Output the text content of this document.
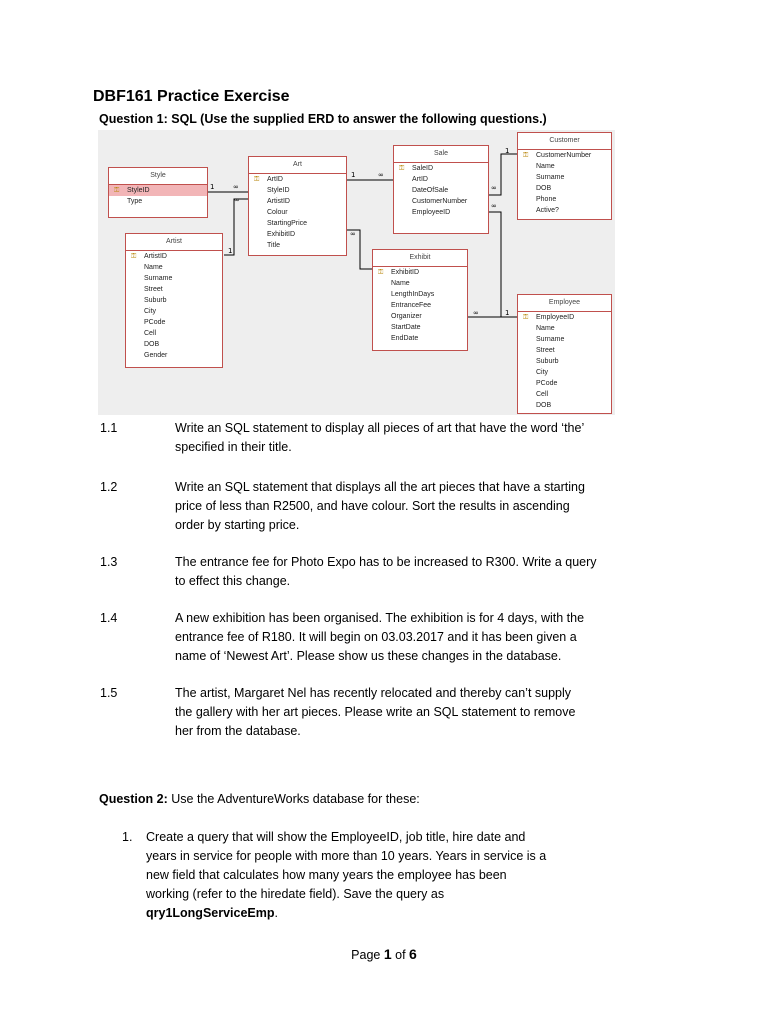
DBF161 Practice Exercise
Question 1: SQL (Use the supplied ERD to answer the following questions.)
1	∞
1
∞
1	∞
∞
1
∞
∞
1
∞
Style
⚿ StyleID
Type
Art
⚿ ArtID
StyleID
ArtistID
Colour
StartingPrice
ExhibitID
Title
Artist
⚿ ArtistID
Name
Surname
Street
Suburb
City
PCode
Cell
DOB
Gender
Sale
⚿ SaleID
ArtID
DateOfSale
CustomerNumber
EmployeeID
Exhibit
⚿ ExhibitID
Name
LengthInDays
EntranceFee
Organizer
StartDate
EndDate
Customer
⚿ CustomerNumber
Name
Surname
DOB
Phone
Active?
Employee
⚿ EmployeeID
Name
Surname
Street
Suburb
City
PCode
Cell
DOB
1.1	Write an SQL statement to display all pieces of art that have the word ‘the’
specified in their title.
1.2	Write an SQL statement that displays all the art pieces that have a starting
price of less than R2500, and have colour. Sort the results in ascending
order by starting price.
1.3	The entrance fee for Photo Expo has to be increased to R300. Write a query
to effect this change.
1.4	A new exhibition has been organised. The exhibition is for 4 days, with the
entrance fee of R180. It will begin on 03.03.2017 and it has been given a
name of ‘Newest Art’. Please show us these changes in the database.
1.5	The artist, Margaret Nel has recently relocated and thereby can’t supply
the gallery with her art pieces. Please write an SQL statement to remove
her from the database.
Question 2: Use the AdventureWorks database for these:
1. Create a query that will show the EmployeeID, job title, hire date and
years in service for people with more than 10 years. Years in service is a
new field that calculates how many years the employee has been
working (refer to the hiredate field). Save the query as
qry1LongServiceEmp.
Page 1 of 6
